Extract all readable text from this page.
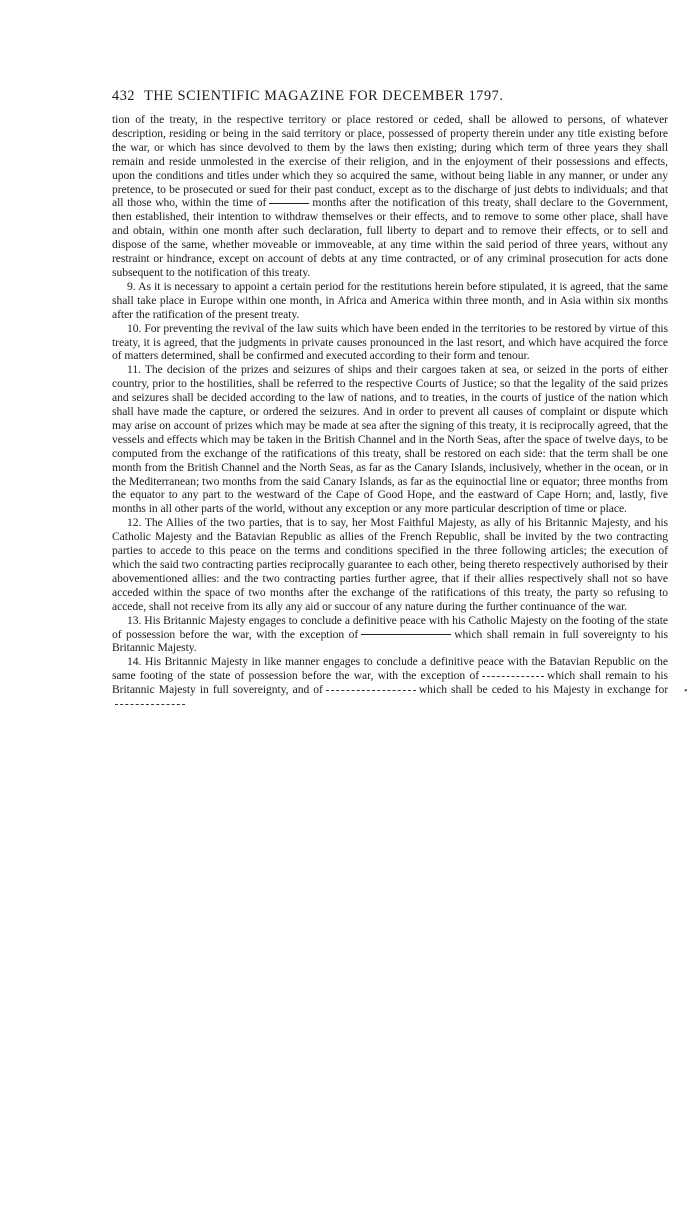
432 THE SCIENTIFIC MAGAZINE FOR DECEMBER 1797.

tion of the treaty, in the respective territory or place restored or ceded, shall be allowed to persons, of whatever description, residing or being in the said territory or place, possessed of property therein under any title existing before the war, or which has since devolved to them by the laws then existing; during which term of three years they shall remain and reside unmolested in the exercise of their religion, and in the enjoyment of their possessions and effects, upon the conditions and titles under which they so acquired the same, without being liable in any manner, or under any pretence, to be prosecuted or sued for their past conduct, except as to the discharge of just debts to individuals; and that all those who, within the time of	months after the notification of this treaty, shall declare to the Government, then established, their intention to withdraw themselves or their effects, and to remove to some other place, shall have and obtain, within one month after such declaration, full liberty to depart and to remove their effects, or to sell and dispose of the same, whether moveable or immoveable, at any time within the said period of three years, without any restraint or hindrance, except on account of debts at any time contracted, or of any criminal prosecution for acts done subsequent to the notification of this treaty.

9. As it is necessary to appoint a certain period for the restitutions herein before stipulated, it is agreed, that the same shall take place in Europe within one month, in Africa and America within three month, and in Asia within six months after the ratification of the present treaty.

10. For preventing the revival of the law suits which have been ended in the territories to be restored by virtue of this treaty, it is agreed, that the judgments in private causes pronounced in the last resort, and which have acquired the force of matters determined, shall be confirmed and executed according to their form and tenour.

11. The decision of the prizes and seizures of ships and their cargoes taken at sea, or seized in the ports of either country, prior to the hostilities, shall be referred to the respective Courts of Justice; so that the legality of the said prizes and seizures shall be decided according to the law of nations, and to treaties, in the courts of justice of the nation which shall have made the capture, or ordered the seizures. And in order to prevent all causes of complaint or dispute which may arise on account of prizes which may be made at sea after the signing of this treaty, it is reciprocally agreed, that the vessels and effects which may be taken in the British Channel and in the North Seas, after the space of twelve days, to be computed from the exchange of the ratifications of this treaty, shall be restored on each side: that the term shall be one month from the British Channel and the North Seas, as far as the Canary Islands, inclusively, whether in the ocean, or in the Mediterranean; two months from the said Canary Islands, as far as the equinoctial line or equator; three months from the equator to any part to the westward of the Cape of Good Hope, and the eastward of Cape Horn; and, lastly, five months in all other parts of the world, without any exception or any more particular description of time or place.

12. The Allies of the two parties, that is to say, her Most Faithful Majesty, as ally of his Britannic Majesty, and his Catholic Majesty and the Batavian Republic as allies of the French Republic, shall be invited by the two contracting parties to accede to this peace on the terms and conditions specified in the three following articles; the execution of which the said two contracting parties reciprocally guarantee to each other, being thereto respectively authorised by their abovementioned allies: and the two contracting parties further agree, that if their allies respectively shall not so have acceded within the space of two months after the exchange of the ratifications of this treaty, the party so refusing to accede, shall not receive from its ally any aid or succour of any nature during the further continuance of the war.

13. His Britannic Majesty engages to conclude a definitive peace with his Catholic Majesty on the footing of the state of possession before the war, with the exception of	which shall remain in full sovereignty to his Britannic Majesty.

14. His Britannic Majesty in like manner engages to conclude a definitive peace with the Batavian Republic on the same footing of the state of possession before the war, with the exception of	which shall remain to his Britannic Majesty in full sovereignty, and of	which shall be ceded to his Majesty in exchange for •
